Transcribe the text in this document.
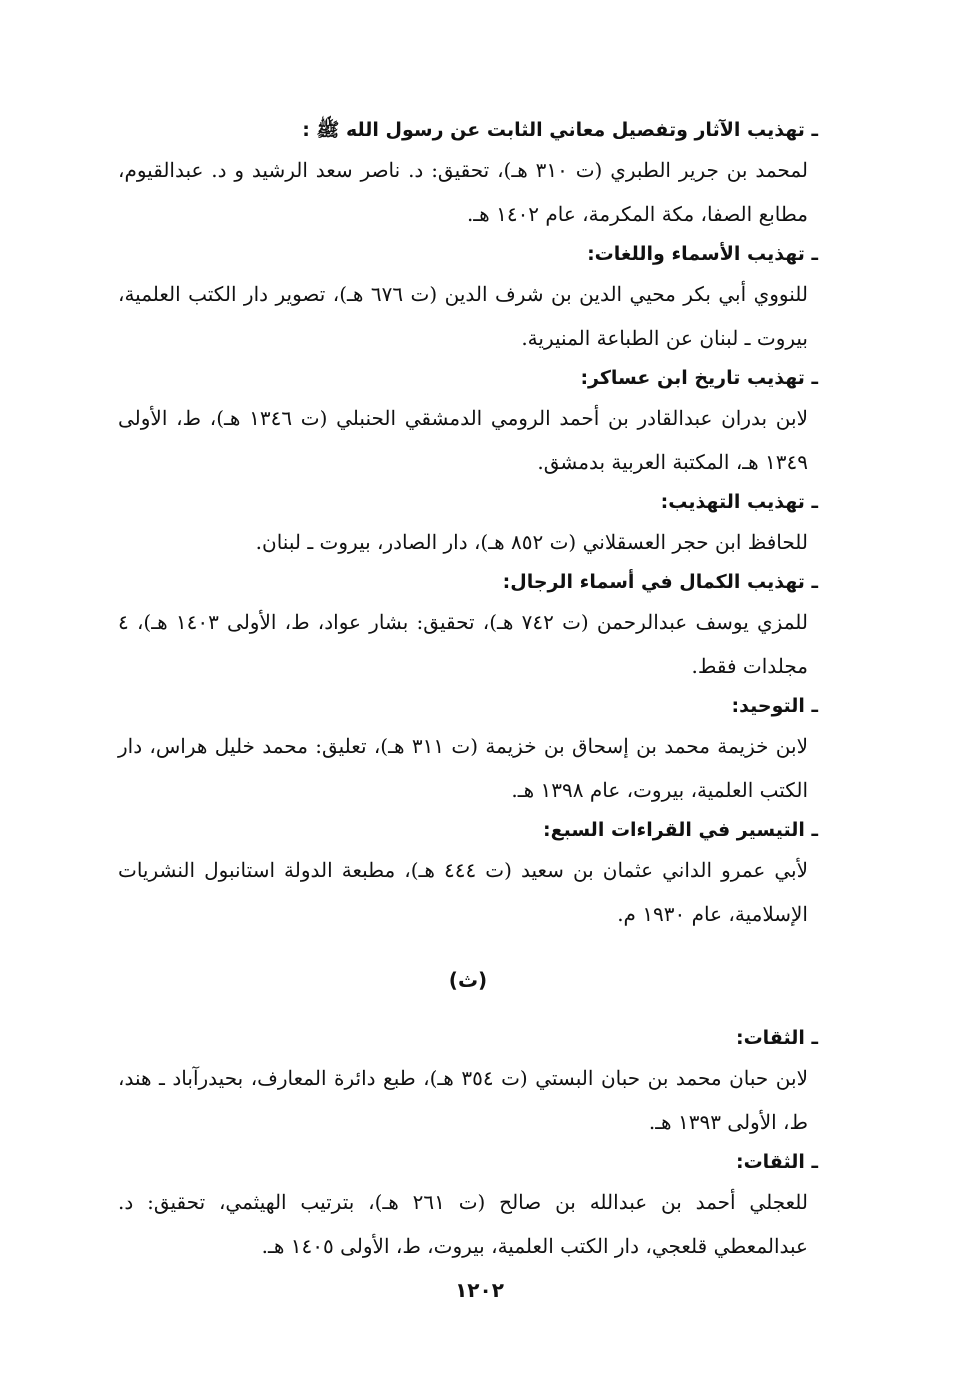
ـ تهذيب الآثار وتفصيل معاني الثابت عن رسول الله ﷺ :
لمحمد بن جرير الطبري (ت ٣١٠ هـ)، تحقيق: د. ناصر سعد الرشيد و د. عبدالقيوم، مطابع الصفا، مكة المكرمة، عام ١٤٠٢ هـ.
ـ تهذيب الأسماء واللغات:
للنووي أبي بكر محيي الدين بن شرف الدين (ت ٦٧٦ هـ)، تصوير دار الكتب العلمية، بيروت ـ لبنان عن الطباعة المنيرية.
ـ تهذيب تاريخ ابن عساكر:
لابن بدران عبدالقادر بن أحمد الرومي الدمشقي الحنبلي (ت ١٣٤٦ هـ)، ط، الأولى ١٣٤٩ هـ، المكتبة العربية بدمشق.
ـ تهذيب التهذيب:
للحافظ ابن حجر العسقلاني (ت ٨٥٢ هـ)، دار الصادر، بيروت ـ لبنان.
ـ تهذيب الكمال في أسماء الرجال:
للمزي يوسف عبدالرحمن (ت ٧٤٢ هـ)، تحقيق: بشار عواد، ط، الأولى ١٤٠٣ هـ)، ٤ مجلدات فقط.
ـ التوحيد:
لابن خزيمة محمد بن إسحاق بن خزيمة (ت ٣١١ هـ)، تعليق: محمد خليل هراس، دار الكتب العلمية، بيروت، عام ١٣٩٨ هـ.
ـ التيسير في القراءات السبع:
لأبي عمرو الداني عثمان بن سعيد (ت ٤٤٤ هـ)، مطبعة الدولة استانبول النشريات الإسلامية، عام ١٩٣٠ م.
(ث)
ـ الثقات:
لابن حبان محمد بن حبان البستي (ت ٣٥٤ هـ)، طبع دائرة المعارف، بحيدرآباد ـ هند، ط، الأولى ١٣٩٣ هـ.
ـ الثقات:
للعجلي أحمد بن عبدالله بن صالح (ت ٢٦١ هـ)، بترتيب الهيثمي، تحقيق: د. عبدالمعطي قلعجي، دار الكتب العلمية، بيروت، ط، الأولى ١٤٠٥ هـ.
١٢٠٢
